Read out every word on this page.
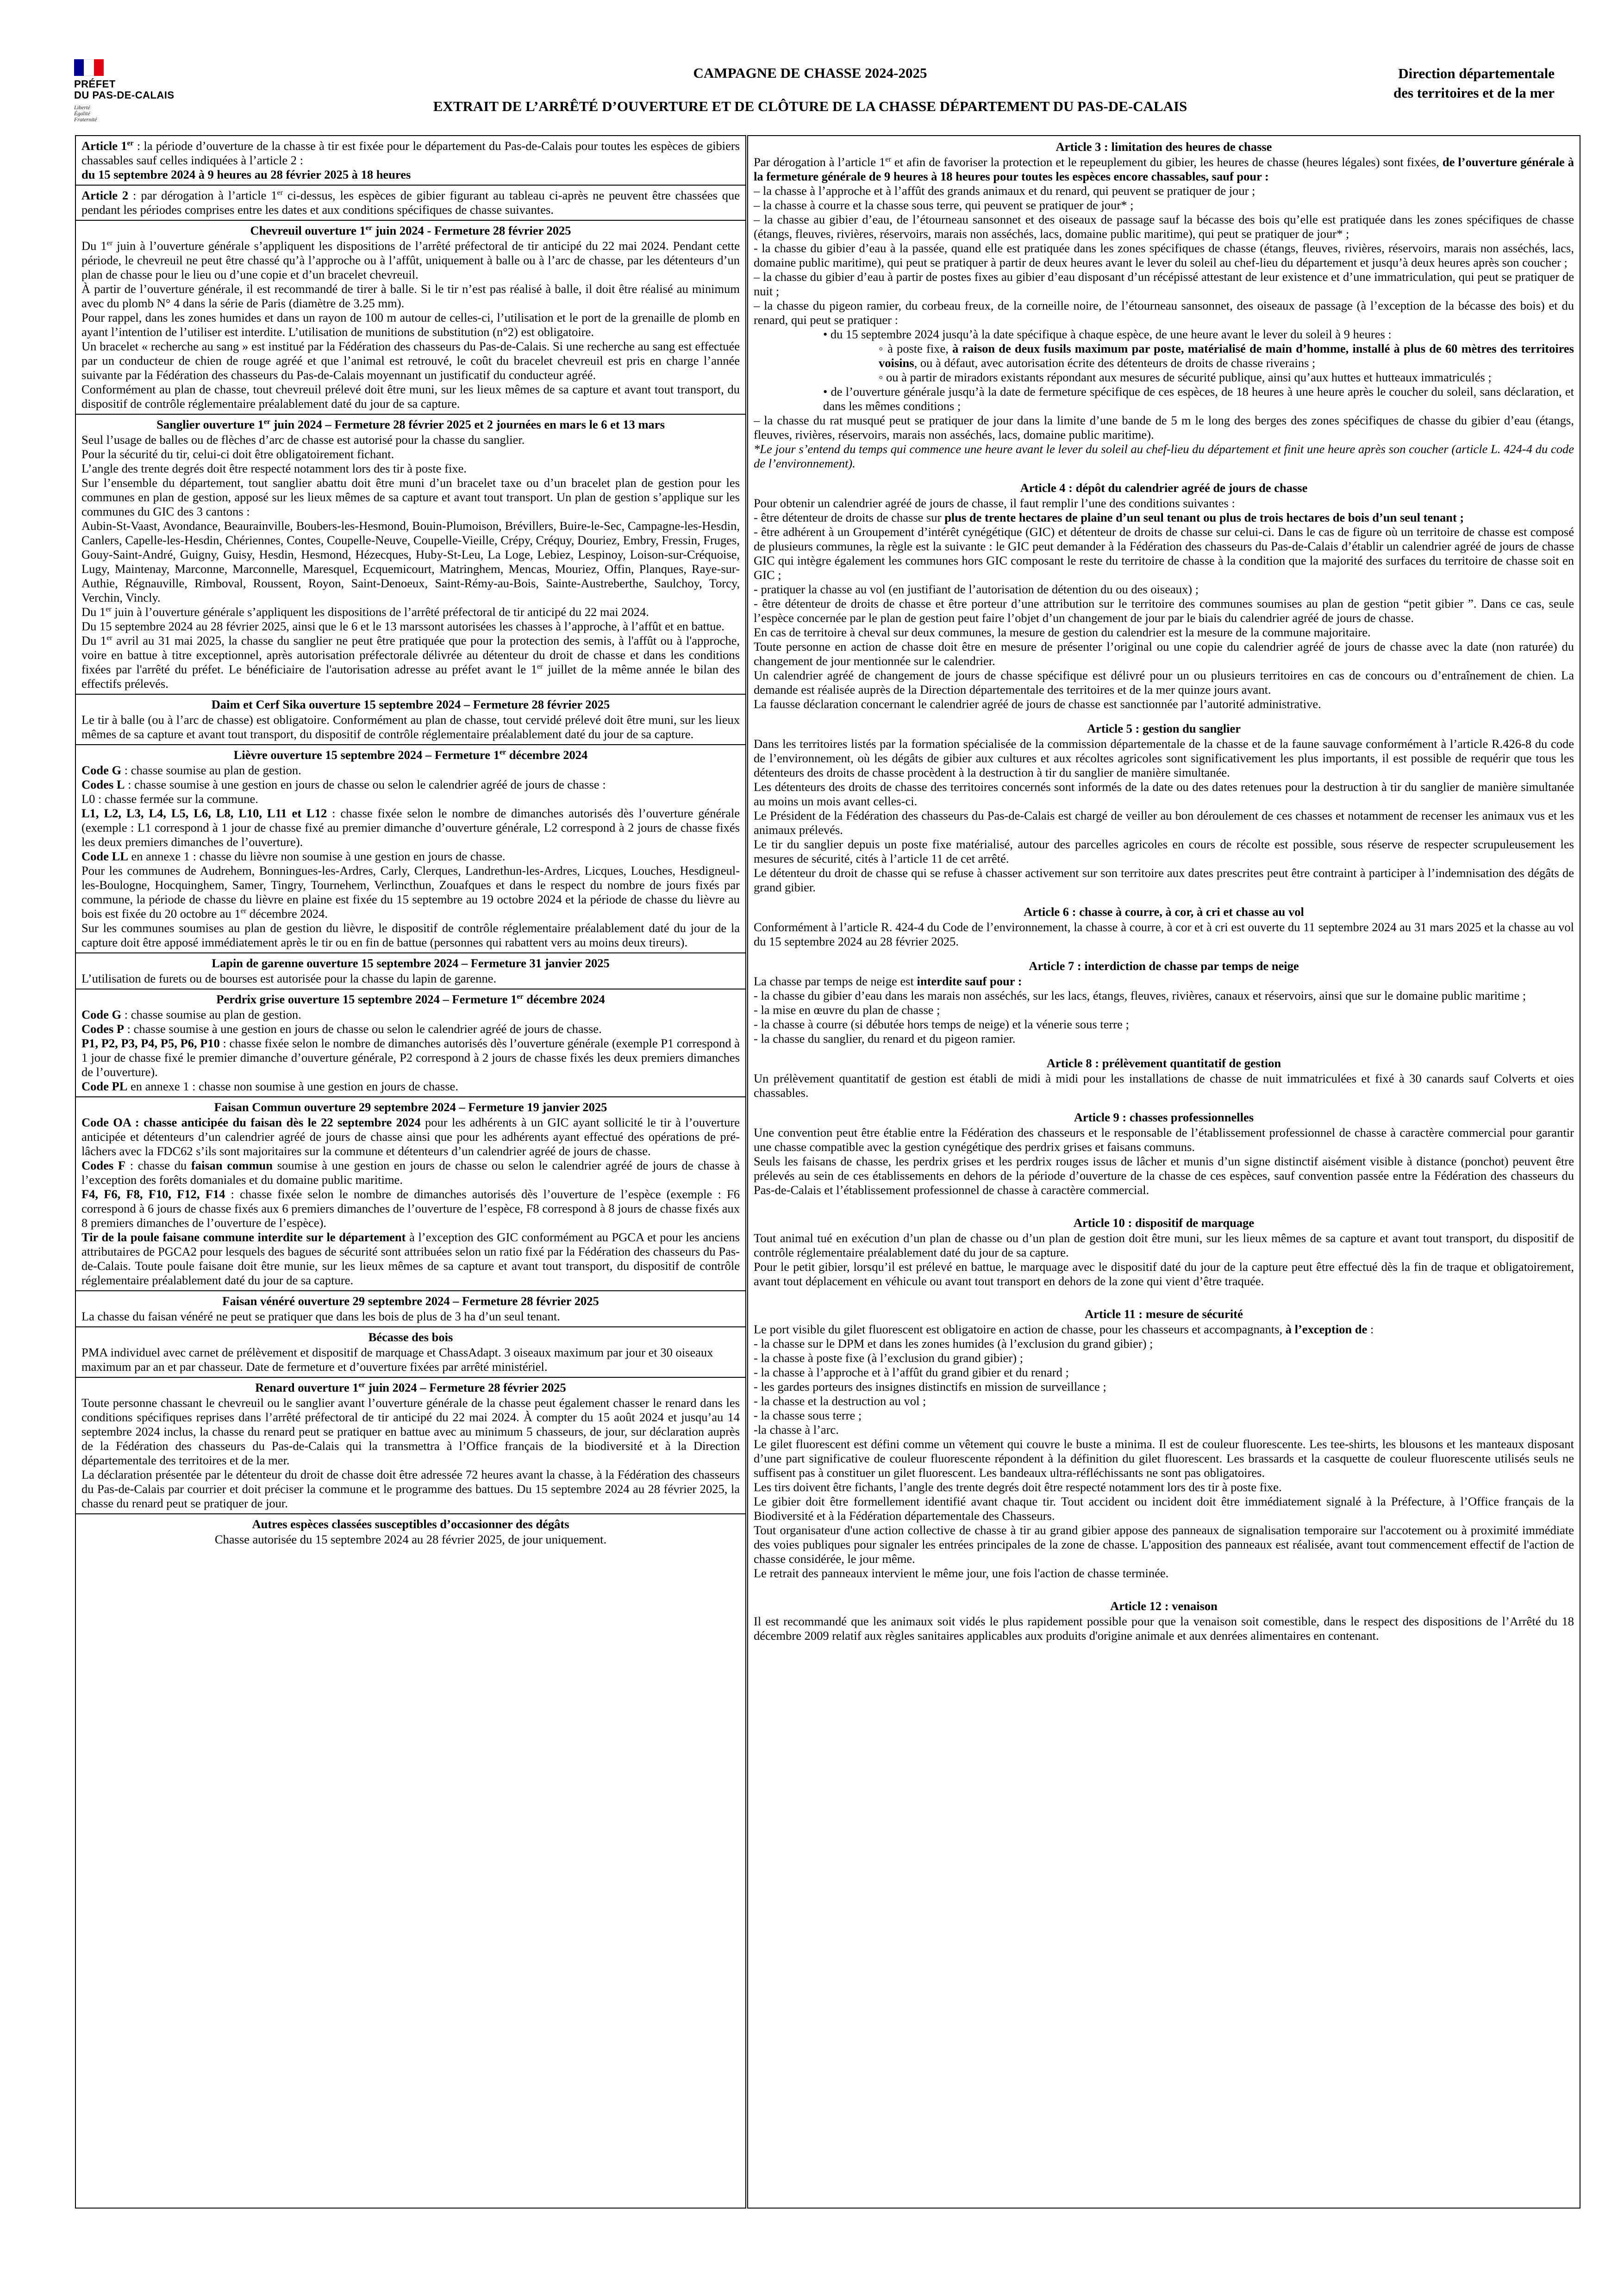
PRÉFET
DU PAS-DE-CALAIS
Liberté
Égalité
Fraternité
CAMPAGNE DE CHASSE 2024-2025
EXTRAIT DE L’ARRÊTÉ D’OUVERTURE ET DE CLÔTURE DE LA CHASSE DÉPARTEMENT DU PAS-DE-CALAIS
Direction départementale
des territoires et de la mer
Article 1er : la période d’ouverture de la chasse à tir est fixée pour le département du Pas-de-Calais pour toutes les espèces de gibiers chassables sauf celles indiquées à l’article 2 :
du 15 septembre 2024 à 9 heures au 28 février 2025 à 18 heures
Article 2 : par dérogation à l’article 1er ci-dessus, les espèces de gibier figurant au tableau ci-après ne peuvent être chassées que pendant les périodes comprises entre les dates et aux conditions spécifiques de chasse suivantes.
Chevreuil ouverture 1er juin 2024 - Fermeture 28 février 2025
Du 1er juin à l’ouverture générale s’appliquent les dispositions de l’arrêté préfectoral de tir anticipé du 22 mai 2024. Pendant cette période, le chevreuil ne peut être chassé qu’à l’approche ou à l’affût, uniquement à balle ou à l’arc de chasse, par les détenteurs d’un plan de chasse pour le lieu ou d’une copie et d’un bracelet chevreuil.
À partir de l’ouverture générale, il est recommandé de tirer à balle. Si le tir n’est pas réalisé à balle, il doit être réalisé au minimum avec du plomb N° 4 dans la série de Paris (diamètre de 3.25 mm).
Pour rappel, dans les zones humides et dans un rayon de 100 m autour de celles-ci, l’utilisation et le port de la grenaille de plomb en ayant l’intention de l’utiliser est interdite. L’utilisation de munitions de substitution (n°2) est obligatoire.
Un bracelet « recherche au sang » est institué par la Fédération des chasseurs du Pas-de-Calais. Si une recherche au sang est effectuée par un conducteur de chien de rouge agréé et que l’animal est retrouvé, le coût du bracelet chevreuil est pris en charge l’année suivante par la Fédération des chasseurs du Pas-de-Calais moyennant un justificatif du conducteur agréé.
Conformément au plan de chasse, tout chevreuil prélevé doit être muni, sur les lieux mêmes de sa capture et avant tout transport, du dispositif de contrôle réglementaire préalablement daté du jour de sa capture.
Sanglier ouverture 1er juin 2024 – Fermeture 28 février 2025 et 2 journées en mars le 6 et 13 mars
Seul l’usage de balles ou de flèches d’arc de chasse est autorisé pour la chasse du sanglier.
Pour la sécurité du tir, celui-ci doit être obligatoirement fichant.
L’angle des trente degrés doit être respecté notamment lors des tir à poste fixe.
Sur l’ensemble du département, tout sanglier abattu doit être muni d’un bracelet taxe ou d’un bracelet plan de gestion pour les communes en plan de gestion, apposé sur les lieux mêmes de sa capture et avant tout transport. Un plan de gestion s’applique sur les communes du GIC des 3 cantons :
Aubin-St-Vaast, Avondance, Beaurainville, Boubers-les-Hesmond, Bouin-Plumoison, Brévillers, Buire-le-Sec, Campagne-les-Hesdin, Canlers, Capelle-les-Hesdin, Chériennes, Contes, Coupelle-Neuve, Coupelle-Vieille, Crépy, Créquy, Douriez, Embry, Fressin, Fruges, Gouy-Saint-André, Guigny, Guisy, Hesdin, Hesmond, Hézecques, Huby-St-Leu, La Loge, Lebiez, Lespinoy, Loison-sur-Créquoise, Lugy, Maintenay, Marconne, Marconnelle, Maresquel, Ecquemicourt, Matringhem, Mencas, Mouriez, Offin, Planques, Raye-sur-Authie, Régnauville, Rimboval, Roussent, Royon, Saint-Denoeux, Saint-Rémy-au-Bois, Sainte-Austreberthe, Saulchoy, Torcy, Verchin, Vincly.
Du 1er juin à l’ouverture générale s’appliquent les dispositions de l’arrêté préfectoral de tir anticipé du 22 mai 2024.
Du 15 septembre 2024 au 28 février 2025, ainsi que le 6 et le 13 marssont autorisées les chasses à l’approche, à l’affût et en battue.
Du 1er avril au 31 mai 2025, la chasse du sanglier ne peut être pratiquée que pour la protection des semis, à l'affût ou à l'approche, voire en battue à titre exceptionnel, après autorisation préfectorale délivrée au détenteur du droit de chasse et dans les conditions fixées par l'arrêté du préfet. Le bénéficiaire de l'autorisation adresse au préfet avant le 1er juillet de la même année le bilan des effectifs prélevés.
Daim et Cerf Sika ouverture 15 septembre 2024 – Fermeture 28 février 2025
Le tir à balle (ou à l’arc de chasse) est obligatoire. Conformément au plan de chasse, tout cervidé prélevé doit être muni, sur les lieux mêmes de sa capture et avant tout transport, du dispositif de contrôle réglementaire préalablement daté du jour de sa capture.
Lièvre ouverture 15 septembre 2024 – Fermeture 1er décembre 2024
Code G : chasse soumise au plan de gestion.
Codes L : chasse soumise à une gestion en jours de chasse ou selon le calendrier agréé de jours de chasse :
L0 : chasse fermée sur la commune.
L1, L2, L3, L4, L5, L6, L8, L10, L11 et L12 : chasse fixée selon le nombre de dimanches autorisés dès l’ouverture générale (exemple : L1 correspond à 1 jour de chasse fixé au premier dimanche d’ouverture générale, L2 correspond à 2 jours de chasse fixés les deux premiers dimanches de l’ouverture).
Code LL en annexe 1 : chasse du lièvre non soumise à une gestion en jours de chasse.
Pour les communes de Audrehem, Bonningues-les-Ardres, Carly, Clerques, Landrethun-les-Ardres, Licques, Louches, Hesdigneul-les-Boulogne, Hocquinghem, Samer, Tingry, Tournehem, Verlincthun, Zouafques et dans le respect du nombre de jours fixés par commune, la période de chasse du lièvre en plaine est fixée du 15 septembre au 19 octobre 2024 et la période de chasse du lièvre au bois est fixée du 20 octobre au 1er décembre 2024.
Sur les communes soumises au plan de gestion du lièvre, le dispositif de contrôle réglementaire préalablement daté du jour de la capture doit être apposé immédiatement après le tir ou en fin de battue (personnes qui rabattent vers au moins deux tireurs).
Lapin de garenne ouverture 15 septembre 2024 – Fermeture 31 janvier 2025
L’utilisation de furets ou de bourses est autorisée pour la chasse du lapin de garenne.
Perdrix grise ouverture 15 septembre 2024 – Fermeture 1er décembre 2024
Code G : chasse soumise au plan de gestion.
Codes P : chasse soumise à une gestion en jours de chasse ou selon le calendrier agréé de jours de chasse.
P1, P2, P3, P4, P5, P6, P10 : chasse fixée selon le nombre de dimanches autorisés dès l’ouverture générale (exemple P1 correspond à 1 jour de chasse fixé le premier dimanche d’ouverture générale, P2 correspond à 2 jours de chasse fixés les deux premiers dimanches de l’ouverture).
Code PL en annexe 1 : chasse non soumise à une gestion en jours de chasse.
Faisan Commun ouverture 29 septembre 2024 – Fermeture 19 janvier 2025
Code OA : chasse anticipée du faisan dès le 22 septembre 2024 pour les adhérents à un GIC ayant sollicité le tir à l’ouverture anticipée et détenteurs d’un calendrier agréé de jours de chasse ainsi que pour les adhérents ayant effectué des opérations de pré-lâchers avec la FDC62 s’ils sont majoritaires sur la commune et détenteurs d’un calendrier agréé de jours de chasse.
Codes F : chasse du faisan commun soumise à une gestion en jours de chasse ou selon le calendrier agréé de jours de chasse à l’exception des forêts domaniales et du domaine public maritime.
F4, F6, F8, F10, F12, F14 : chasse fixée selon le nombre de dimanches autorisés dès l’ouverture de l’espèce (exemple : F6 correspond à 6 jours de chasse fixés aux 6 premiers dimanches de l’ouverture de l’espèce, F8 correspond à 8 jours de chasse fixés aux 8 premiers dimanches de l’ouverture de l’espèce).
Tir de la poule faisane commune interdite sur le département à l’exception des GIC conformément au PGCA et pour les anciens attributaires de PGCA2 pour lesquels des bagues de sécurité sont attribuées selon un ratio fixé par la Fédération des chasseurs du Pas-de-Calais. Toute poule faisane doit être munie, sur les lieux mêmes de sa capture et avant tout transport, du dispositif de contrôle réglementaire préalablement daté du jour de sa capture.
Faisan vénéré ouverture 29 septembre 2024 – Fermeture 28 février 2025
La chasse du faisan vénéré ne peut se pratiquer que dans les bois de plus de 3 ha d’un seul tenant.
Bécasse des bois
PMA individuel avec carnet de prélèvement et dispositif de marquage et ChassAdapt. 3 oiseaux maximum par jour et 30 oiseaux maximum par an et par chasseur. Date de fermeture et d’ouverture fixées par arrêté ministériel.
Renard ouverture 1er juin 2024 – Fermeture 28 février 2025
Toute personne chassant le chevreuil ou le sanglier avant l’ouverture générale de la chasse peut également chasser le renard dans les conditions spécifiques reprises dans l’arrêté préfectoral de tir anticipé du 22 mai 2024. À compter du 15 août 2024 et jusqu’au 14 septembre 2024 inclus, la chasse du renard peut se pratiquer en battue avec au minimum 5 chasseurs, de jour, sur déclaration auprès de la Fédération des chasseurs du Pas-de-Calais qui la transmettra à l’Office français de la biodiversité et à la Direction départementale des territoires et de la mer.
La déclaration présentée par le détenteur du droit de chasse doit être adressée 72 heures avant la chasse, à la Fédération des chasseurs du Pas-de-Calais par courrier et doit préciser la commune et le programme des battues. Du 15 septembre 2024 au 28 février 2025, la chasse du renard peut se pratiquer de jour.
Autres espèces classées susceptibles d’occasionner des dégâts
Chasse autorisée du 15 septembre 2024 au 28 février 2025, de jour uniquement.
Article 3 : limitation des heures de chasse
Par dérogation à l’article 1er et afin de favoriser la protection et le repeuplement du gibier, les heures de chasse (heures légales) sont fixées, de l’ouverture générale à la fermeture générale de 9 heures à 18 heures pour toutes les espèces encore chassables, sauf pour :
– la chasse à l’approche et à l’affût des grands animaux et du renard, qui peuvent se pratiquer de jour ;
– la chasse à courre et la chasse sous terre, qui peuvent se pratiquer de jour* ;
– la chasse au gibier d’eau, de l’étourneau sansonnet et des oiseaux de passage sauf la bécasse des bois qu’elle est pratiquée dans les zones spécifiques de chasse (étangs, fleuves, rivières, réservoirs, marais non asséchés, lacs, domaine public maritime), qui peut se pratiquer de jour* ;
- la chasse du gibier d’eau à la passée, quand elle est pratiquée dans les zones spécifiques de chasse (étangs, fleuves, rivières, réservoirs, marais non asséchés, lacs, domaine public maritime), qui peut se pratiquer à partir de deux heures avant le lever du soleil au chef-lieu du département et jusqu’à deux heures après son coucher ;
– la chasse du gibier d’eau à partir de postes fixes au gibier d’eau disposant d’un récépissé attestant de leur existence et d’une immatriculation, qui peut se pratiquer de nuit ;
– la chasse du pigeon ramier, du corbeau freux, de la corneille noire, de l’étourneau sansonnet, des oiseaux de passage (à l’exception de la bécasse des bois) et du renard, qui peut se pratiquer :
• du 15 septembre 2024 jusqu’à la date spécifique à chaque espèce, de une heure avant le lever du soleil à 9 heures :
◦ à poste fixe, à raison de deux fusils maximum par poste, matérialisé de main d’homme, installé à plus de 60 mètres des territoires voisins, ou à défaut, avec autorisation écrite des détenteurs de droits de chasse riverains ;
◦ ou à partir de miradors existants répondant aux mesures de sécurité publique, ainsi qu’aux huttes et hutteaux immatriculés ;
• de l’ouverture générale jusqu’à la date de fermeture spécifique de ces espèces, de 18 heures à une heure après le coucher du soleil, sans déclaration, et dans les mêmes conditions ;
– la chasse du rat musqué peut se pratiquer de jour dans la limite d’une bande de 5 m le long des berges des zones spécifiques de chasse du gibier d’eau (étangs, fleuves, rivières, réservoirs, marais non asséchés, lacs, domaine public maritime).
*Le jour s’entend du temps qui commence une heure avant le lever du soleil au chef-lieu du département et finit une heure après son coucher (article L. 424-4 du code de l’environnement).
Article 4 : dépôt du calendrier agréé de jours de chasse
Pour obtenir un calendrier agréé de jours de chasse, il faut remplir l’une des conditions suivantes :
- être détenteur de droits de chasse sur plus de trente hectares de plaine d’un seul tenant ou plus de trois hectares de bois d’un seul tenant ;
- être adhérent à un Groupement d’intérêt cynégétique (GIC) et détenteur de droits de chasse sur celui-ci. Dans le cas de figure où un territoire de chasse est composé de plusieurs communes, la règle est la suivante : le GIC peut demander à la Fédération des chasseurs du Pas-de-Calais d’établir un calendrier agréé de jours de chasse GIC qui intègre également les communes hors GIC composant le reste du territoire de chasse à la condition que la majorité des surfaces du territoire de chasse soit en GIC ;
- pratiquer la chasse au vol (en justifiant de l’autorisation de détention du ou des oiseaux) ;
- être détenteur de droits de chasse et être porteur d’une attribution sur le territoire des communes soumises au plan de gestion “petit gibier ”. Dans ce cas, seule l’espèce concernée par le plan de gestion peut faire l’objet d’un changement de jour par le biais du calendrier agréé de jours de chasse.
En cas de territoire à cheval sur deux communes, la mesure de gestion du calendrier est la mesure de la commune majoritaire.
Toute personne en action de chasse doit être en mesure de présenter l’original ou une copie du calendrier agréé de jours de chasse avec la date (non raturée) du changement de jour mentionnée sur le calendrier.
Un calendrier agréé de changement de jours de chasse spécifique est délivré pour un ou plusieurs territoires en cas de concours ou d’entraînement de chien. La demande est réalisée auprès de la Direction départementale des territoires et de la mer quinze jours avant.
La fausse déclaration concernant le calendrier agréé de jours de chasse est sanctionnée par l’autorité administrative.
Article 5 : gestion du sanglier
Dans les territoires listés par la formation spécialisée de la commission départementale de la chasse et de la faune sauvage conformément à l’article R.426-8 du code de l’environnement, où les dégâts de gibier aux cultures et aux récoltes agricoles sont significativement les plus importants, il est possible de requérir que tous les détenteurs des droits de chasse procèdent à la destruction à tir du sanglier de manière simultanée.
Les détenteurs des droits de chasse des territoires concernés sont informés de la date ou des dates retenues pour la destruction à tir du sanglier de manière simultanée au moins un mois avant celles-ci.
Le Président de la Fédération des chasseurs du Pas-de-Calais est chargé de veiller au bon déroulement de ces chasses et notamment de recenser les animaux vus et les animaux prélevés.
Le tir du sanglier depuis un poste fixe matérialisé, autour des parcelles agricoles en cours de récolte est possible, sous réserve de respecter scrupuleusement les mesures de sécurité, cités à l’article 11 de cet arrêté.
Le détenteur du droit de chasse qui se refuse à chasser activement sur son territoire aux dates prescrites peut être contraint à participer à l’indemnisation des dégâts de grand gibier.
Article 6 : chasse à courre, à cor, à cri et chasse au vol
Conformément à l’article R. 424-4 du Code de l’environnement, la chasse à courre, à cor et à cri est ouverte du 11 septembre 2024 au 31 mars 2025 et la chasse au vol du 15 septembre 2024 au 28 février 2025.
Article 7 : interdiction de chasse par temps de neige
La chasse par temps de neige est interdite sauf pour :
- la chasse du gibier d’eau dans les marais non asséchés, sur les lacs, étangs, fleuves, rivières, canaux et réservoirs, ainsi que sur le domaine public maritime ;
- la mise en œuvre du plan de chasse ;
- la chasse à courre (si débutée hors temps de neige) et la vénerie sous terre ;
- la chasse du sanglier, du renard et du pigeon ramier.
Article 8 : prélèvement quantitatif de gestion
Un prélèvement quantitatif de gestion est établi de midi à midi pour les installations de chasse de nuit immatriculées et fixé à 30 canards sauf Colverts et oies chassables.
Article 9 : chasses professionnelles
Une convention peut être établie entre la Fédération des chasseurs et le responsable de l’établissement professionnel de chasse à caractère commercial pour garantir une chasse compatible avec la gestion cynégétique des perdrix grises et faisans communs.
Seuls les faisans de chasse, les perdrix grises et les perdrix rouges issus de lâcher et munis d’un signe distinctif aisément visible à distance (ponchot) peuvent être prélevés au sein de ces établissements en dehors de la période d’ouverture de la chasse de ces espèces, sauf convention passée entre la Fédération des chasseurs du Pas-de-Calais et l’établissement professionnel de chasse à caractère commercial.
Article 10 : dispositif de marquage
Tout animal tué en exécution d’un plan de chasse ou d’un plan de gestion doit être muni, sur les lieux mêmes de sa capture et avant tout transport, du dispositif de contrôle réglementaire préalablement daté du jour de sa capture.
Pour le petit gibier, lorsqu’il est prélevé en battue, le marquage avec le dispositif daté du jour de la capture peut être effectué dès la fin de traque et obligatoirement, avant tout déplacement en véhicule ou avant tout transport en dehors de la zone qui vient d’être traquée.
Article 11 : mesure de sécurité
Le port visible du gilet fluorescent est obligatoire en action de chasse, pour les chasseurs et accompagnants, à l’exception de :
- la chasse sur le DPM et dans les zones humides (à l’exclusion du grand gibier) ;
- la chasse à poste fixe (à l’exclusion du grand gibier) ;
- la chasse à l’approche et à l’affût du grand gibier et du renard ;
- les gardes porteurs des insignes distinctifs en mission de surveillance ;
- la chasse et la destruction au vol ;
- la chasse sous terre ;
-la chasse à l’arc.
Le gilet fluorescent est défini comme un vêtement qui couvre le buste a minima. Il est de couleur fluorescente. Les tee-shirts, les blousons et les manteaux disposant d’une part significative de couleur fluorescente répondent à la définition du gilet fluorescent. Les brassards et la casquette de couleur fluorescente utilisés seuls ne suffisent pas à constituer un gilet fluorescent. Les bandeaux ultra-réfléchissants ne sont pas obligatoires.
Les tirs doivent être fichants, l’angle des trente degrés doit être respecté notamment lors des tir à poste fixe.
Le gibier doit être formellement identifié avant chaque tir. Tout accident ou incident doit être immédiatement signalé à la Préfecture, à l’Office français de la Biodiversité et à la Fédération départementale des Chasseurs.
Tout organisateur d'une action collective de chasse à tir au grand gibier appose des panneaux de signalisation temporaire sur l'accotement ou à proximité immédiate des voies publiques pour signaler les entrées principales de la zone de chasse. L'apposition des panneaux est réalisée, avant tout commencement effectif de l'action de chasse considérée, le jour même.
Le retrait des panneaux intervient le même jour, une fois l'action de chasse terminée.
Article 12 : venaison
Il est recommandé que les animaux soit vidés le plus rapidement possible pour que la venaison soit comestible, dans le respect des dispositions de l’Arrêté du 18 décembre 2009 relatif aux règles sanitaires applicables aux produits d'origine animale et aux denrées alimentaires en contenant.
